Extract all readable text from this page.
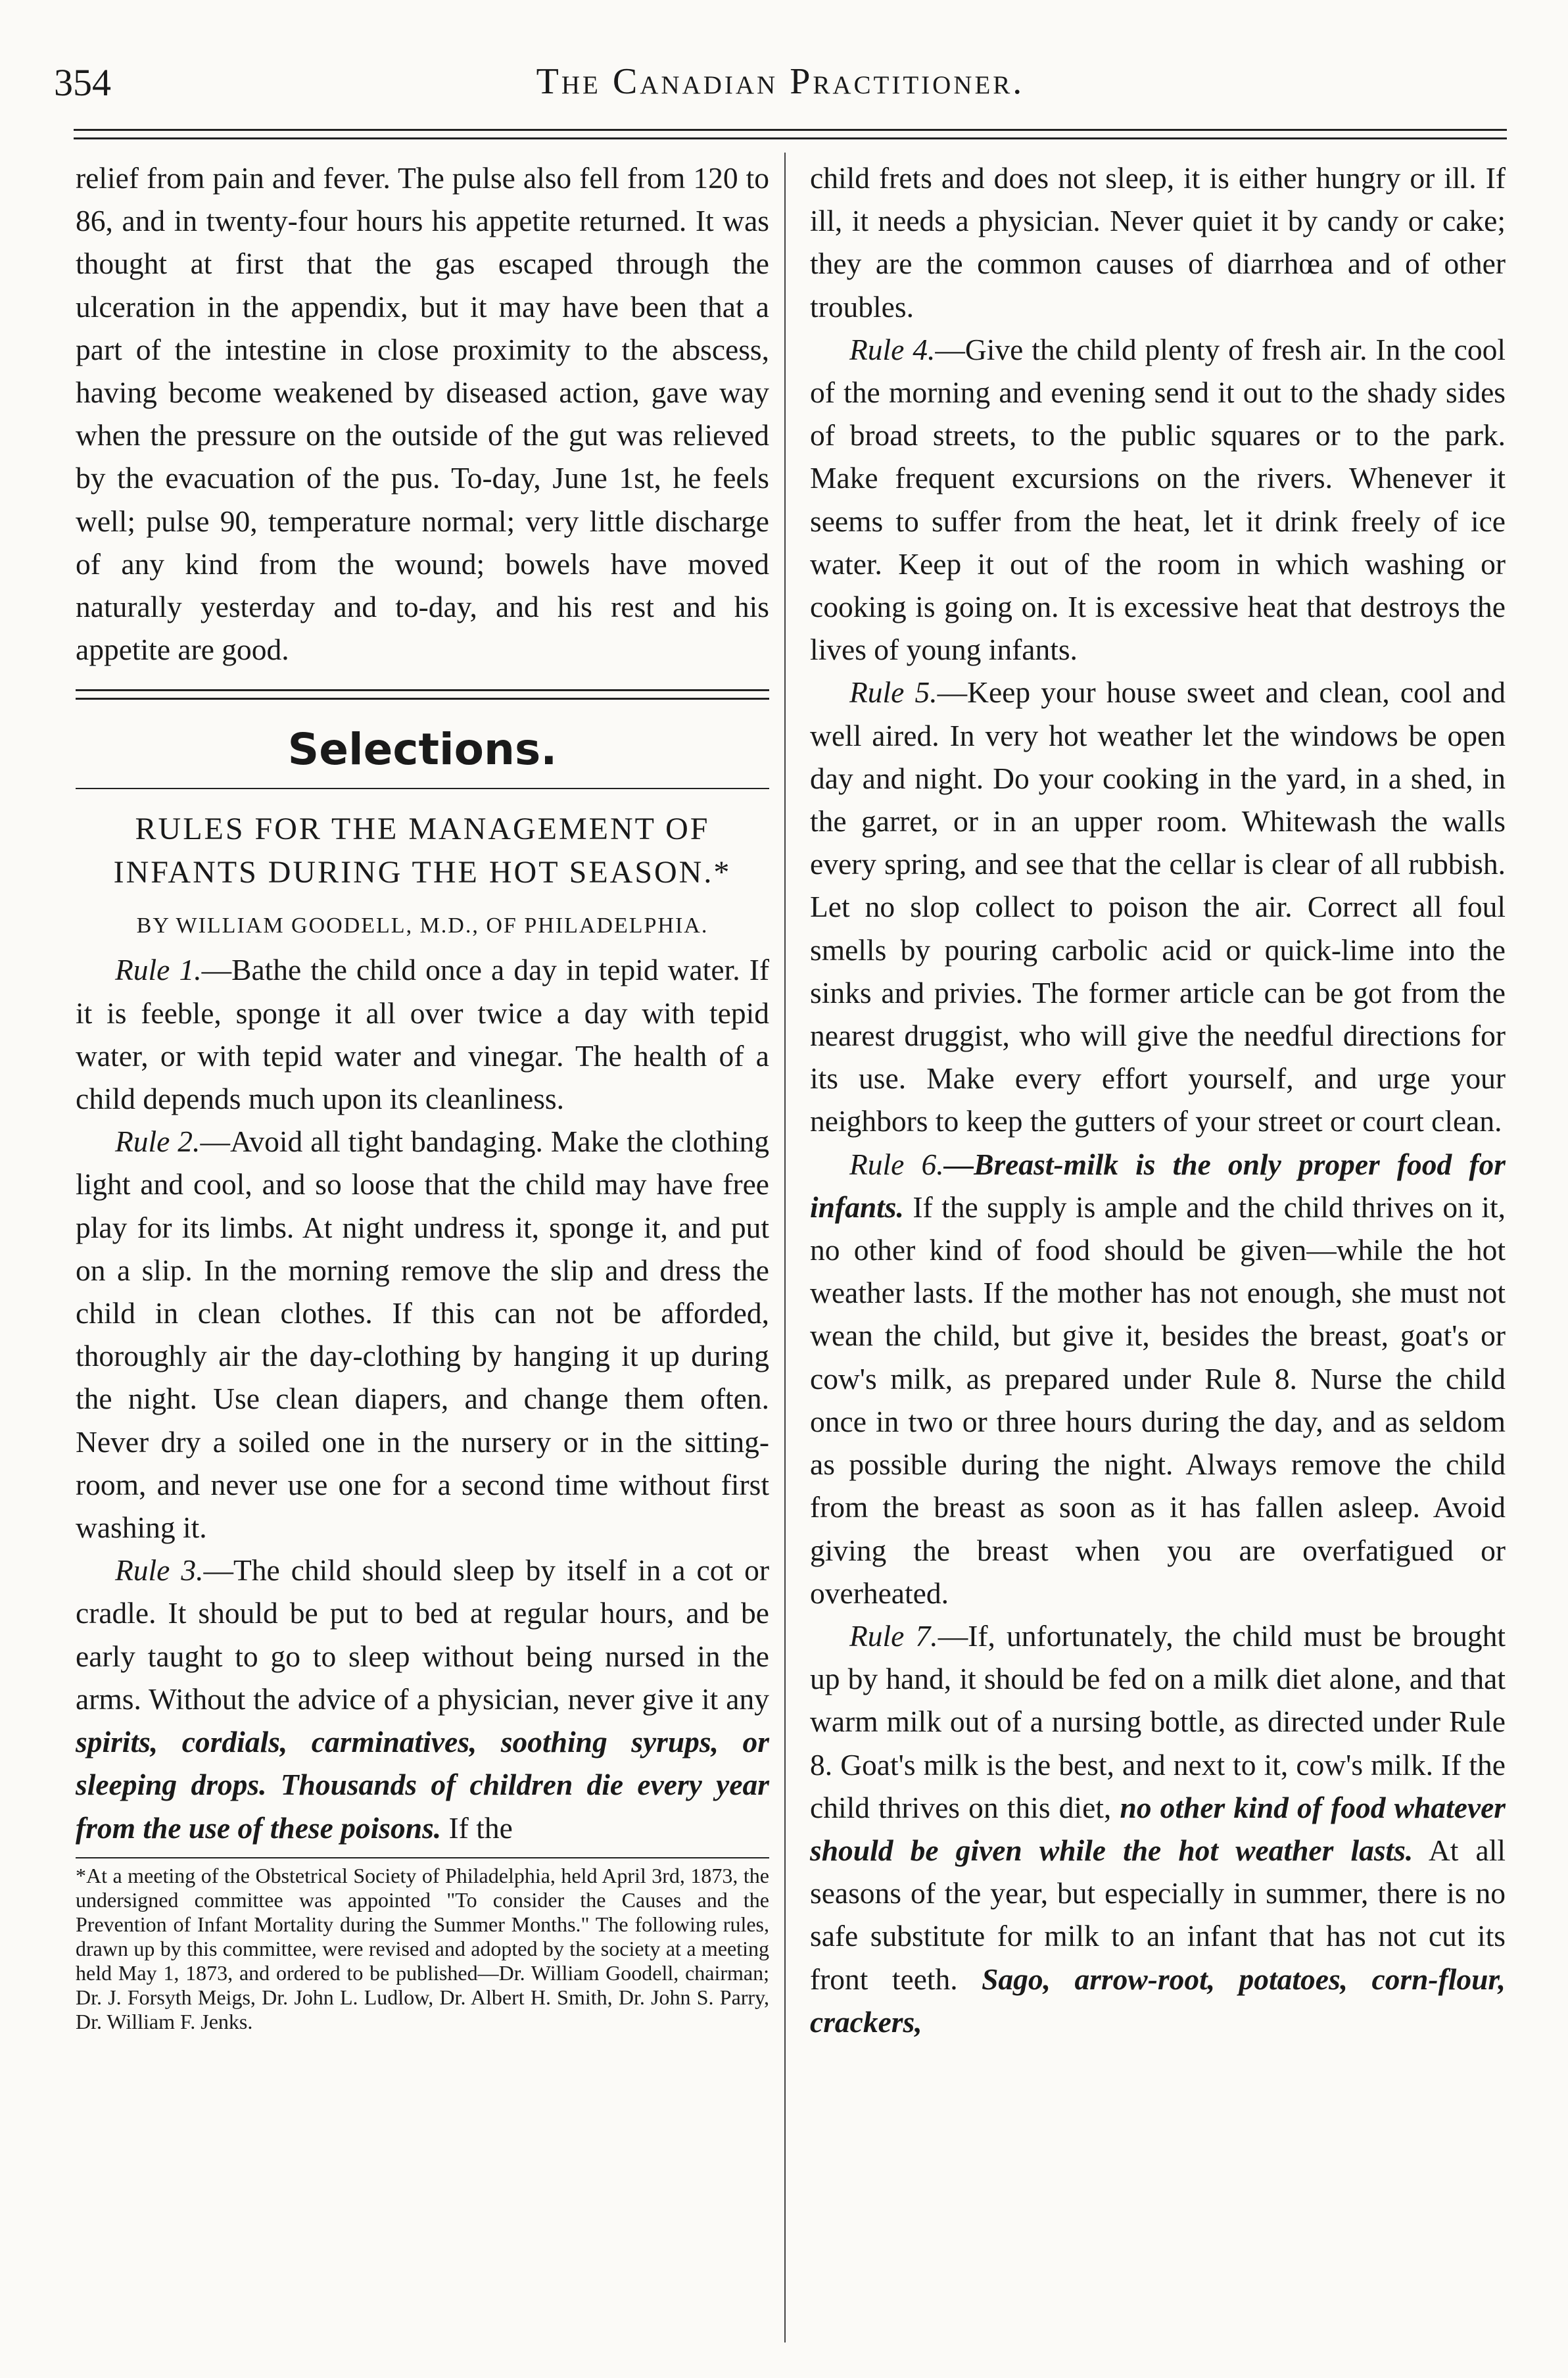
354	The Canadian Practitioner.

relief from pain and fever. The pulse also fell from 120 to 86, and in twenty-four hours his appetite returned. It was thought at first that the gas escaped through the ulceration in the appendix, but it may have been that a part of the intestine in close proximity to the abscess, having become weakened by diseased action, gave way when the pressure on the outside of the gut was relieved by the evacuation of the pus. To-day, June 1st, he feels well; pulse 90, temperature normal; very little discharge of any kind from the wound; bowels have moved naturally yesterday and to-day, and his rest and his appetite are good.

Selections.
RULES FOR THE MANAGEMENT OF INFANTS DURING THE HOT SEASON.*
BY WILLIAM GOODELL, M.D., OF PHILADELPHIA.

Rule 1.—Bathe the child once a day in tepid water. If it is feeble, sponge it all over twice a day with tepid water, or with tepid water and vinegar. The health of a child depends much upon its cleanliness.

Rule 2.—Avoid all tight bandaging. Make the clothing light and cool, and so loose that the child may have free play for its limbs. At night undress it, sponge it, and put on a slip. In the morning remove the slip and dress the child in clean clothes. If this can not be afforded, thoroughly air the day-clothing by hanging it up during the night. Use clean diapers, and change them often. Never dry a soiled one in the nursery or in the sitting-room, and never use one for a second time without first washing it.

Rule 3.—The child should sleep by itself in a cot or cradle. It should be put to bed at regular hours, and be early taught to go to sleep without being nursed in the arms. Without the advice of a physician, never give it any spirits, cordials, carminatives, soothing syrups, or sleeping drops. Thousands of children die every year from the use of these poisons. If the

*At a meeting of the Obstetrical Society of Philadelphia, held April 3rd, 1873, the undersigned committee was appointed "To consider the Causes and the Prevention of Infant Mortality during the Summer Months." The following rules, drawn up by this committee, were revised and adopted by the society at a meeting held May 1, 1873, and ordered to be published—Dr. William Goodell, chairman; Dr. J. Forsyth Meigs, Dr. John L. Ludlow, Dr. Albert H. Smith, Dr. John S. Parry, Dr. William F. Jenks.

child frets and does not sleep, it is either hungry or ill. If ill, it needs a physician. Never quiet it by candy or cake; they are the common causes of diarrhœa and of other troubles.

Rule 4.—Give the child plenty of fresh air. In the cool of the morning and evening send it out to the shady sides of broad streets, to the public squares or to the park. Make frequent excursions on the rivers. Whenever it seems to suffer from the heat, let it drink freely of ice water. Keep it out of the room in which washing or cooking is going on. It is excessive heat that destroys the lives of young infants.

Rule 5.—Keep your house sweet and clean, cool and well aired. In very hot weather let the windows be open day and night. Do your cooking in the yard, in a shed, in the garret, or in an upper room. Whitewash the walls every spring, and see that the cellar is clear of all rubbish. Let no slop collect to poison the air. Correct all foul smells by pouring carbolic acid or quick-lime into the sinks and privies. The former article can be got from the nearest druggist, who will give the needful directions for its use. Make every effort yourself, and urge your neighbors to keep the gutters of your street or court clean.

Rule 6.—Breast-milk is the only proper food for infants. If the supply is ample and the child thrives on it, no other kind of food should be given—while the hot weather lasts. If the mother has not enough, she must not wean the child, but give it, besides the breast, goat's or cow's milk, as prepared under Rule 8. Nurse the child once in two or three hours during the day, and as seldom as possible during the night. Always remove the child from the breast as soon as it has fallen asleep. Avoid giving the breast when you are overfatigued or overheated.

Rule 7.—If, unfortunately, the child must be brought up by hand, it should be fed on a milk diet alone, and that warm milk out of a nursing bottle, as directed under Rule 8. Goat's milk is the best, and next to it, cow's milk. If the child thrives on this diet, no other kind of food whatever should be given while the hot weather lasts. At all seasons of the year, but especially in summer, there is no safe substitute for milk to an infant that has not cut its front teeth. Sago, arrow-root, potatoes, corn-flour, crackers,
